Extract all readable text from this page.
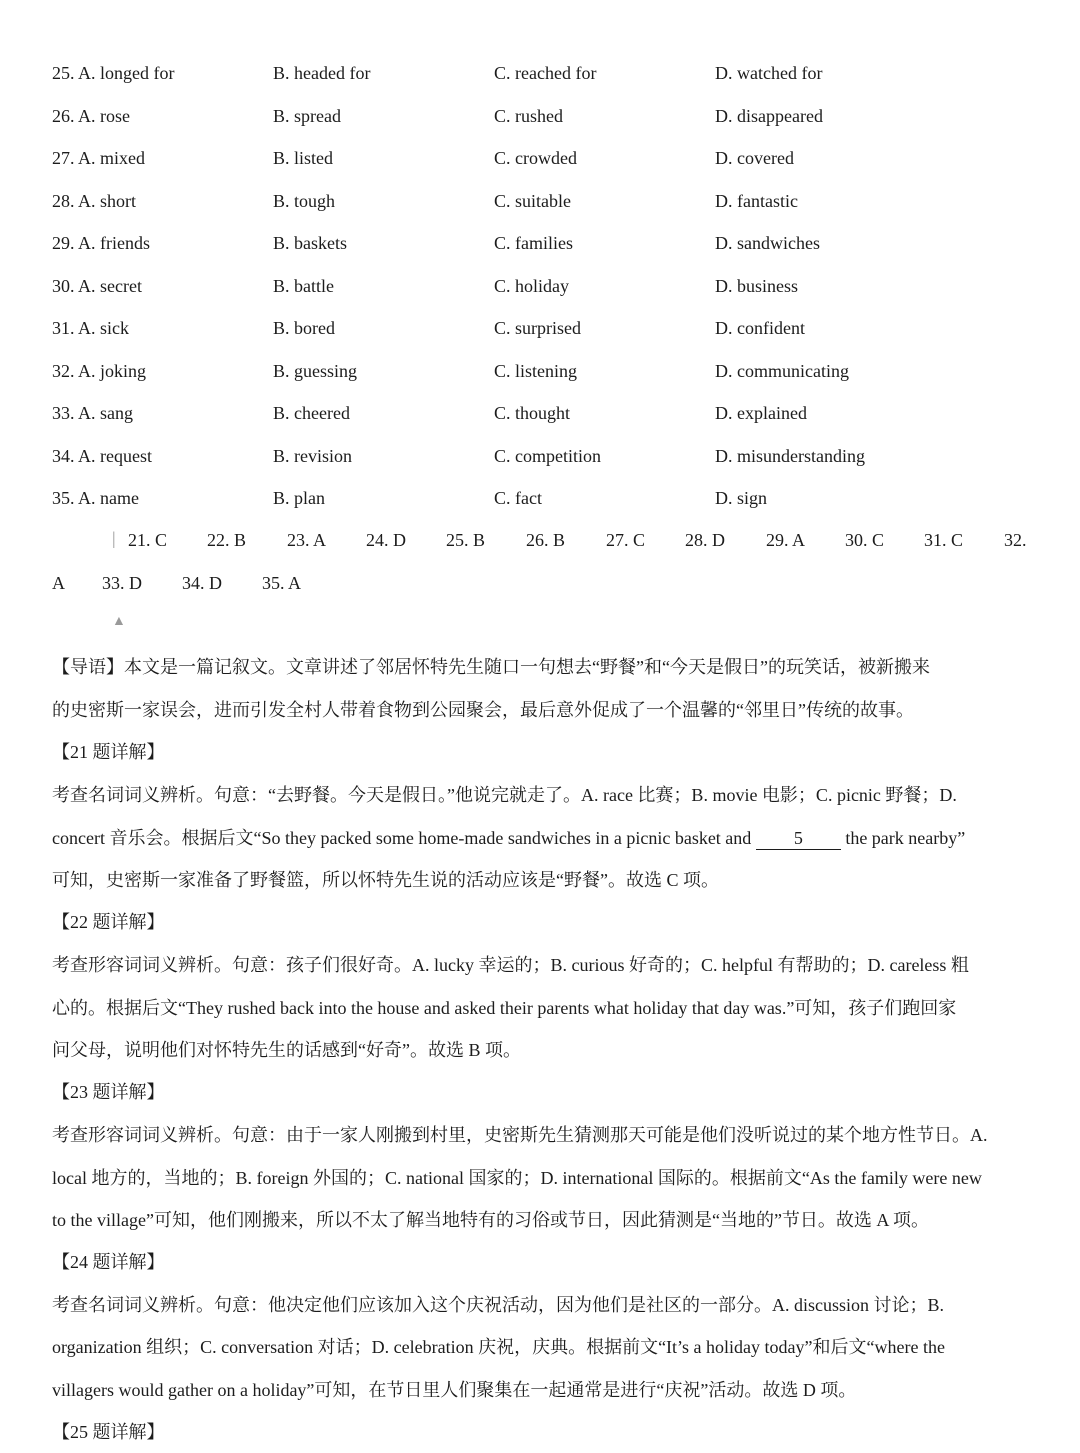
25. A. longed for	B. headed for	C. reached for	D. watched for
26. A. rose	B. spread	C. rushed	D. disappeared
27. A. mixed	B. listed	C. crowded	D. covered
28. A. short	B. tough	C. suitable	D. fantastic
29. A. friends	B. baskets	C. families	D. sandwiches
30. A. secret	B. battle	C. holiday	D. business
31. A. sick	B. bored	C. surprised	D. confident
32. A. joking	B. guessing	C. listening	D. communicating
33. A. sang	B. cheered	C. thought	D. explained
34. A. request	B. revision	C. competition	D. misunderstanding
35. A. name	B. plan	C. fact	D. sign
| 21. C 22. B 23. A 24. D 25. B 26. B 27. C 28. D 29. A 30. C 31. C 32.
A 33. D 34. D 35. A
▲
【导语】本文是一篇记叙文。文章讲述了邻居怀特先生随口一句想去“野餐”和“今天是假日”的玩笑话，被新搬来
的史密斯一家误会，进而引发全村人带着食物到公园聚会，最后意外促成了一个温馨的“邻里日”传统的故事。
【21 题详解】
考查名词词义辨析。句意：“去野餐。今天是假日。”他说完就走了。A. race 比赛；B. movie 电影；C. picnic 野餐；D.
concert 音乐会。根据后文“So they packed some home-made sandwiches in a picnic basket and 5 the park nearby”
可知，史密斯一家准备了野餐篮，所以怀特先生说的活动应该是“野餐”。故选 C 项。
【22 题详解】
考查形容词词义辨析。句意：孩子们很好奇。A. lucky 幸运的；B. curious 好奇的；C. helpful 有帮助的；D. careless 粗
心的。根据后文“They rushed back into the house and asked their parents what holiday that day was.”可知，孩子们跑回家
问父母，说明他们对怀特先生的话感到“好奇”。故选 B 项。
【23 题详解】
考查形容词词义辨析。句意：由于一家人刚搬到村里，史密斯先生猜测那天可能是他们没听说过的某个地方性节日。A.
local 地方的，当地的；B. foreign 外国的；C. national 国家的；D. international 国际的。根据前文“As the family were new
to the village”可知，他们刚搬来，所以不太了解当地特有的习俗或节日，因此猜测是“当地的”节日。故选 A 项。
【24 题详解】
考查名词词义辨析。句意：他决定他们应该加入这个庆祝活动，因为他们是社区的一部分。A. discussion 讨论；B.
organization 组织；C. conversation 对话；D. celebration 庆祝，庆典。根据前文“It’s a holiday today”和后文“where the
villagers would gather on a holiday”可知，在节日里人们聚集在一起通常是进行“庆祝”活动。故选 D 项。
【25 题详解】
